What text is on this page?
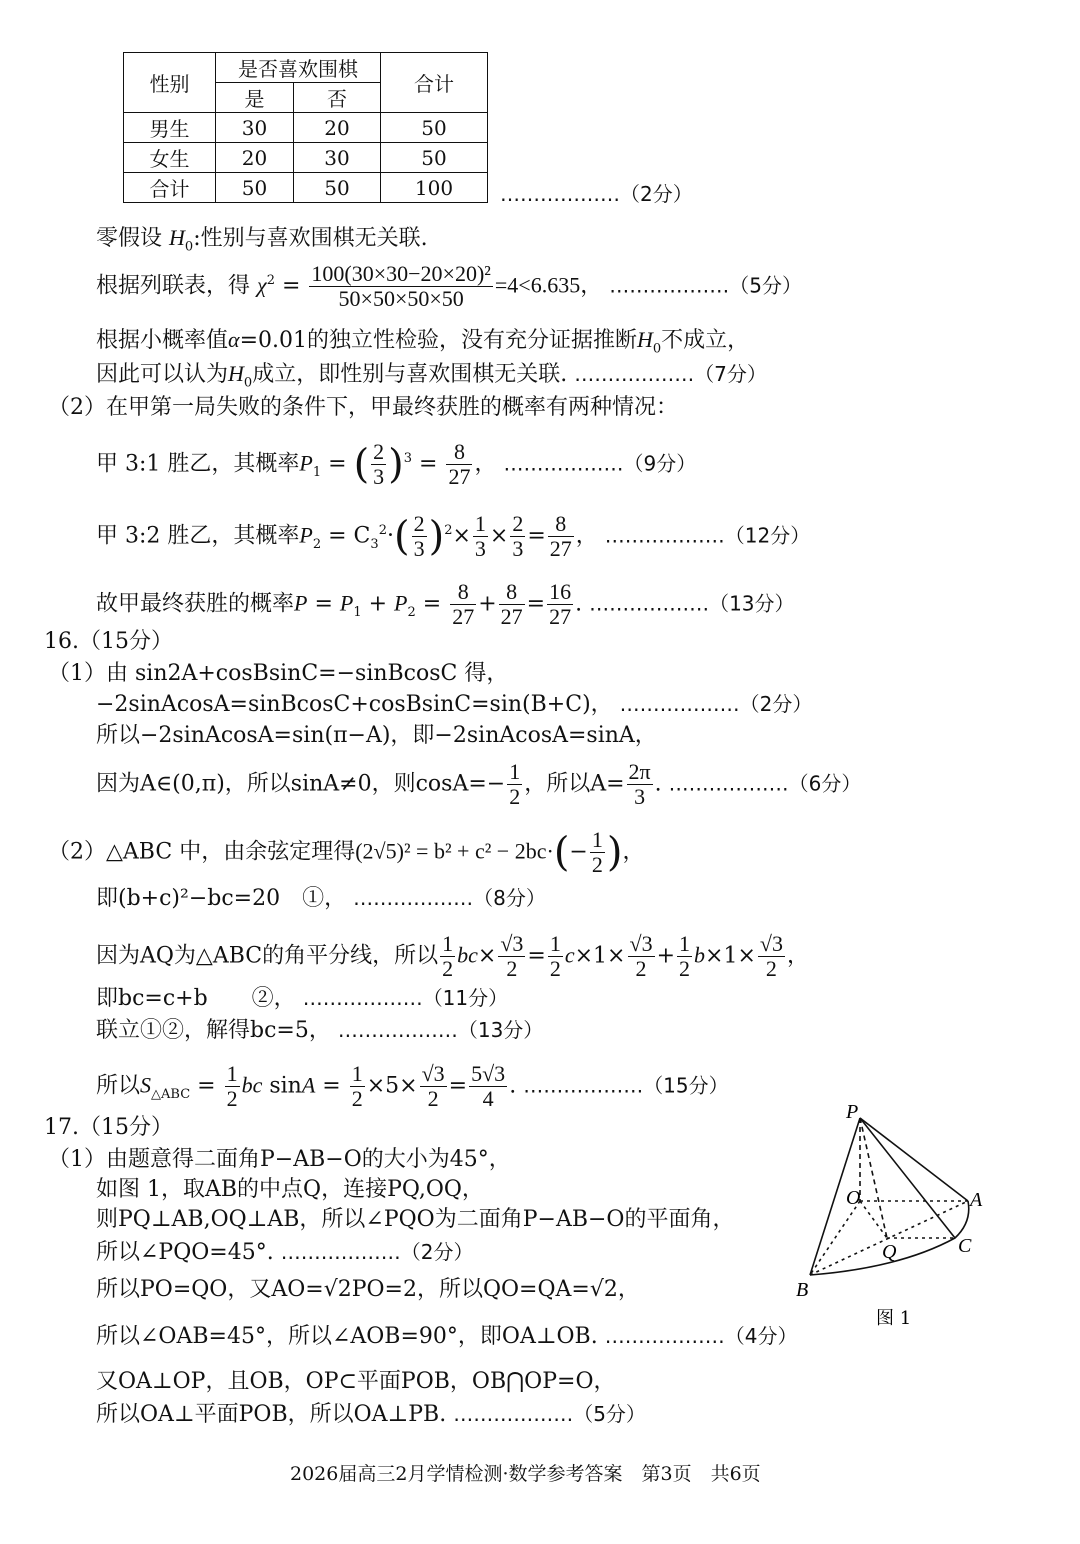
性别	是否喜欢围棋		合计
	是	否	
男生	30	20	50
女生	20	30	50
合计	50	50	100 ………………（2分）
零假设 $H_0$:性别与喜欢围棋无关联.
根据列联表，得 $\chi^2 = \frac{\text{100(30×30−20×20)²}}{50\times 50\times 50\times 50} =4<6.635$， ………………（5分）
根据小概率值α=0.01的独立性检验，没有充分证据推断$H_0$不成立，
因此可以认为$H_0$成立，即性别与喜欢围棋无关联. ………………（7分）
（2）在甲第一局失败的条件下，甲最终获胜的概率有两种情况：
甲 3:1 胜乙，其概率$P_1$ = ( $\frac{2}{3} )^3 = \frac{8}{27}$ ， ………………（9分）
甲 3:2 胜乙，其概率$P_2 = C_3^2\cdot( \frac{2}{3} )^2\times \frac{1}{3} \times \frac{2}{3} = \frac{8}{27}$ ， ………………（12分）
故甲最终获胜的概率$P = P_1 + P_2 = \frac{8}{27} + \frac{8}{27} = \frac{16}{27}$ . ………………（13分）
16.（15分）
（1）由 sin2A+cosBsinC=−sinBcosC 得，
−2sinAcosA=sinBcosC+cosBsinC=sin(B+C)， ………………（2分）
所以−2sinAcosA=sin(π−A)，即−2sinAcosA=sinA，
因为A∈(0,π)，所以sinA≠0，则$\cos A=- \frac{1}{2}$ ，所以$A= \frac{2\pi}{3}$ . ………………（6分）
（2）△ABC 中，由余弦定理得$(2√5)^2 = b^2 + c^2 - 2bc\cdot(- \frac{1}{2}$ )，
即(b+c)²−bc=20　①， ………………（8分）
因为AQ为△ABC的角平分线，所以 $\frac{1}{2} bc\times \frac{√3}{2} = \frac{1}{2} c\times 1\times \frac{√3}{2} + \frac{1}{2} b\times 1\times \frac{√3}{2}$ ，
即bc=c+b　　②， ………………（11分）
联立①②，解得bc=5， ………………（13分）
所以$S_{\triangle ABC} = \frac{1}{2}$ bc $\sin A = \frac{1}{2} \times 5\times \frac{√3}{2} = \frac{5√3}{4}$ . ………………（15分）
17.（15分）
（1）由题意得二面角P−AB−O的大小为45°，
如图 1，取AB的中点Q，连接PQ,OQ，
则PQ⊥AB,OQ⊥AB，所以∠PQO为二面角P−AB−O的平面角，
所以∠PQO=45°. ………………（2分）
所以PO=QO，又AO=√2PO=2，所以QO=QA=√2，
所以∠OAB=45°，所以∠AOB=90°，即OA⊥OB. ………………（4分）
又OA⊥OP，且OB，OP⊂平面POB，OB⋂OP=O，
所以OA⊥平面POB，所以OA⊥PB. ………………（5分）
P
O	A
Q	C
B
图 1
2026届高三2月学情检测·数学参考答案　第3页　共6页
